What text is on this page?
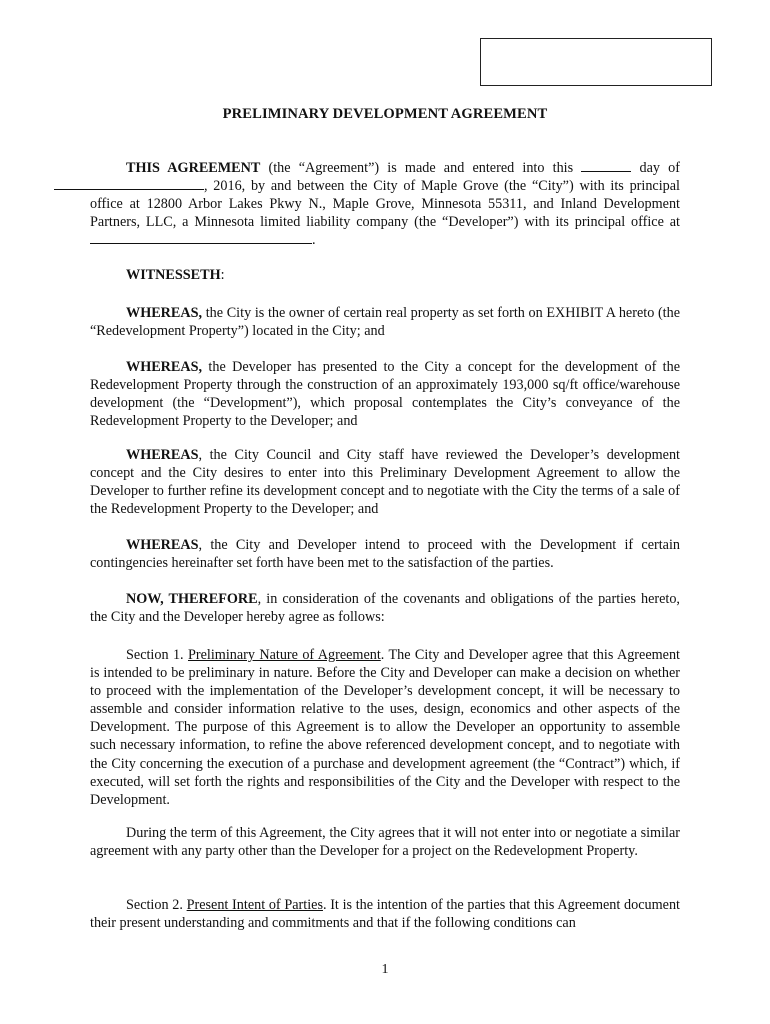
PRELIMINARY DEVELOPMENT AGREEMENT

THIS AGREEMENT (the “Agreement”) is made and entered into this	day of, 2016, by and between the City of Maple Grove (the “City”) with its principal office at 12800 Arbor Lakes Pkwy N., Maple Grove, Minnesota 55311, and Inland Development Partners, LLC, a Minnesota limited liability company (the “Developer”) with its principal office at .

WITNESSETH:

WHEREAS, the City is the owner of certain real property as set forth on EXHIBIT A hereto (the “Redevelopment Property”) located in the City; and

WHEREAS, the Developer has presented to the City a concept for the development of the Redevelopment Property through the construction of an approximately 193,000 sq/ft office/warehouse development (the “Development”), which proposal contemplates the City’s conveyance of the Redevelopment Property to the Developer; and

WHEREAS, the City Council and City staff have reviewed the Developer’s development concept and the City desires to enter into this Preliminary Development Agreement to allow the Developer to further refine its development concept and to negotiate with the City the terms of a sale of the Redevelopment Property to the Developer; and

WHEREAS, the City and Developer intend to proceed with the Development if certain contingencies hereinafter set forth have been met to the satisfaction of the parties.

NOW, THEREFORE, in consideration of the covenants and obligations of the parties hereto, the City and the Developer hereby agree as follows:

Section 1. Preliminary Nature of Agreement. The City and Developer agree that this Agreement is intended to be preliminary in nature. Before the City and Developer can make a decision on whether to proceed with the implementation of the Developer’s development concept, it will be necessary to assemble and consider information relative to the uses, design, economics and other aspects of the Development. The purpose of this Agreement is to allow the Developer an opportunity to assemble such necessary information, to refine the above referenced development concept, and to negotiate with the City concerning the execution of a purchase and development agreement (the “Contract”) which, if executed, will set forth the rights and responsibilities of the City and the Developer with respect to the Development.

During the term of this Agreement, the City agrees that it will not enter into or negotiate a similar agreement with any party other than the Developer for a project on the Redevelopment Property.

Section 2. Present Intent of Parties. It is the intention of the parties that this Agreement document their present understanding and commitments and that if the following conditions can

1
